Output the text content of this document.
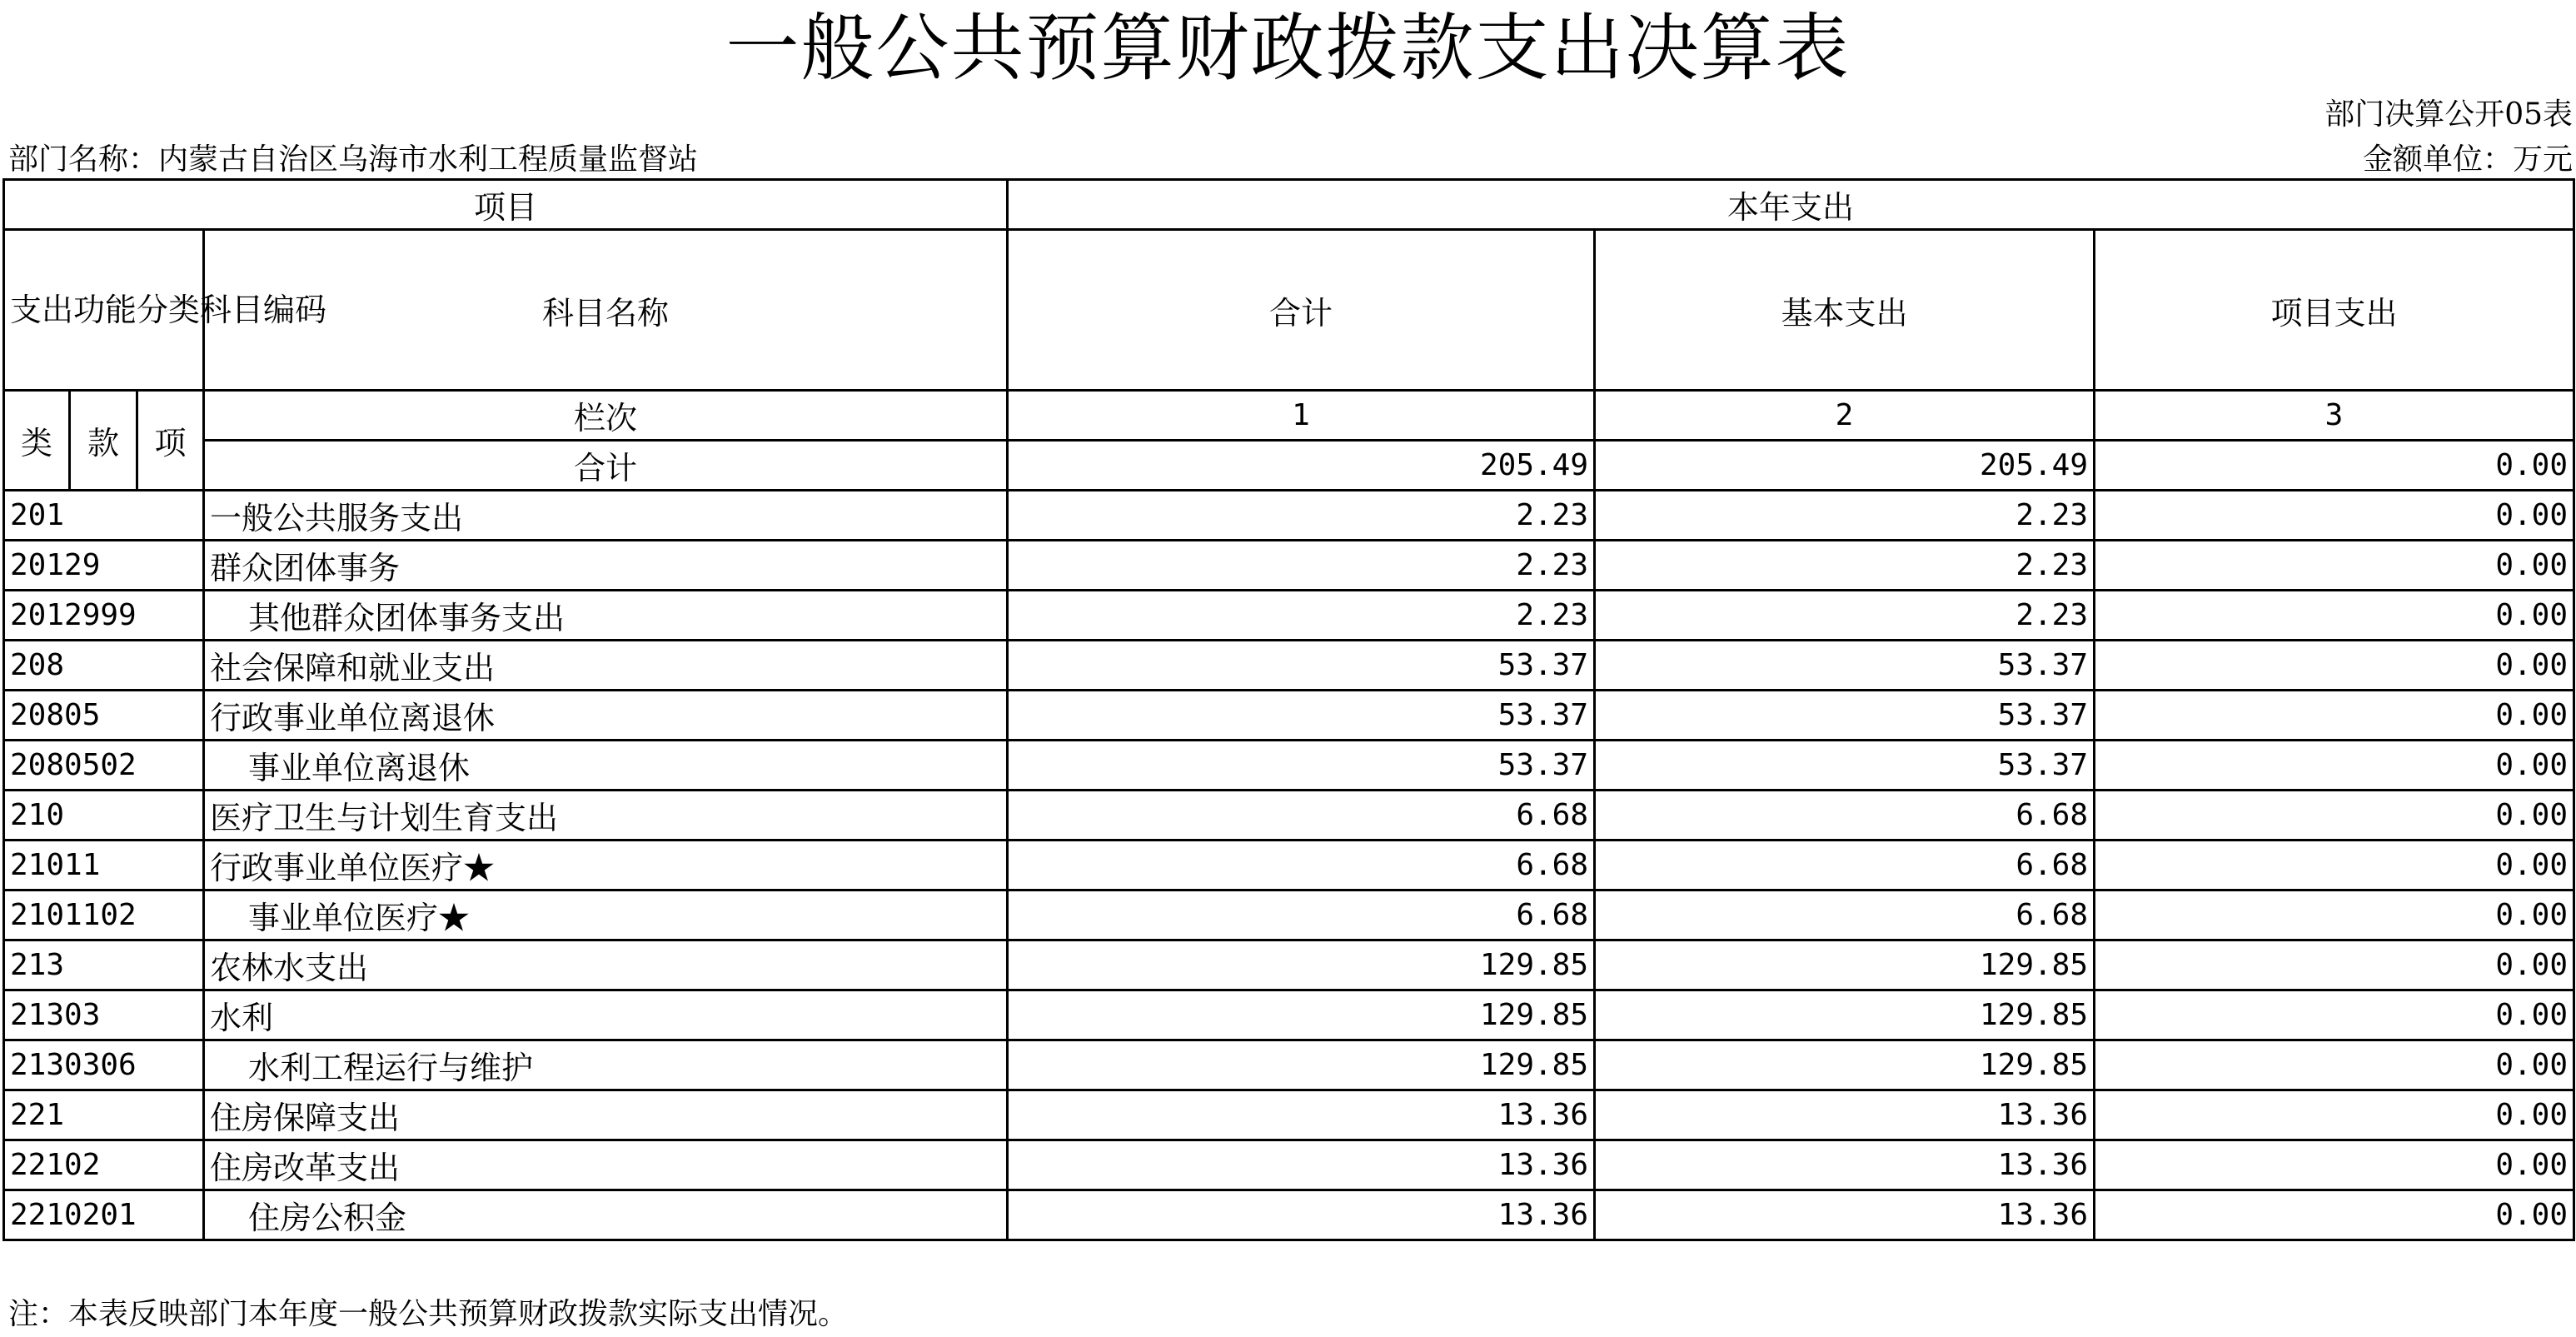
一般公共预算财政拨款支出决算表
部门决算公开05表
部门名称：内蒙古自治区乌海市水利工程质量监督站	金额单位：万元
项目				本年支出		
支出功能分类科目编码			科目名称	合计	基本支出	项目支出
类	款	项	栏次	1	2	3
			合计	205.49	205.49	0.00
201			一般公共服务支出	2.23	2.23	0.00
20129			群众团体事务	2.23	2.23	0.00
2012999			其他群众团体事务支出	2.23	2.23	0.00
208			社会保障和就业支出	53.37	53.37	0.00
20805			行政事业单位离退休	53.37	53.37	0.00
2080502			事业单位离退休	53.37	53.37	0.00
210			医疗卫生与计划生育支出	6.68	6.68	0.00
21011			行政事业单位医疗★	6.68	6.68	0.00
2101102			事业单位医疗★	6.68	6.68	0.00
213			农林水支出	129.85	129.85	0.00
21303			水利	129.85	129.85	0.00
2130306			水利工程运行与维护	129.85	129.85	0.00
221			住房保障支出	13.36	13.36	0.00
22102			住房改革支出	13.36	13.36	0.00
2210201			住房公积金	13.36	13.36	0.00
注：本表反映部门本年度一般公共预算财政拨款实际支出情况。
